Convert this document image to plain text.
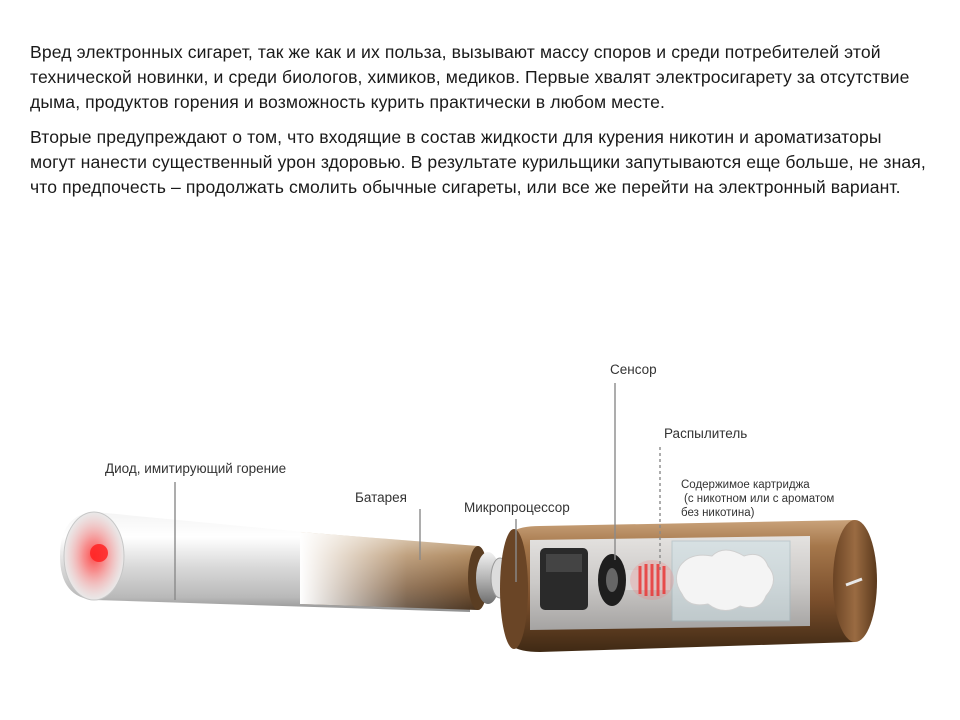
Вред электронных сигарет, так же как и их польза, вызывают массу споров и среди потребителей этой технической новинки, и среди биологов, химиков, медиков. Первые хвалят электросигарету за отсутствие дыма, продуктов горения и возможность курить практически в любом месте.

Вторые предупреждают о том, что входящие в состав жидкости для курения никотин и ароматизаторы могут нанести существенный урон здоровью. В результате курильщики запутываются еще больше, не зная, что предпочесть – продолжать смолить обычные сигареты, или все же перейти на электронный вариант.

Диод, имитирующий горение
Батарея
Микропроцессор
Сенсор
Распылитель
Содержимое картриджа
(с никотном или с ароматом
без никотина)
